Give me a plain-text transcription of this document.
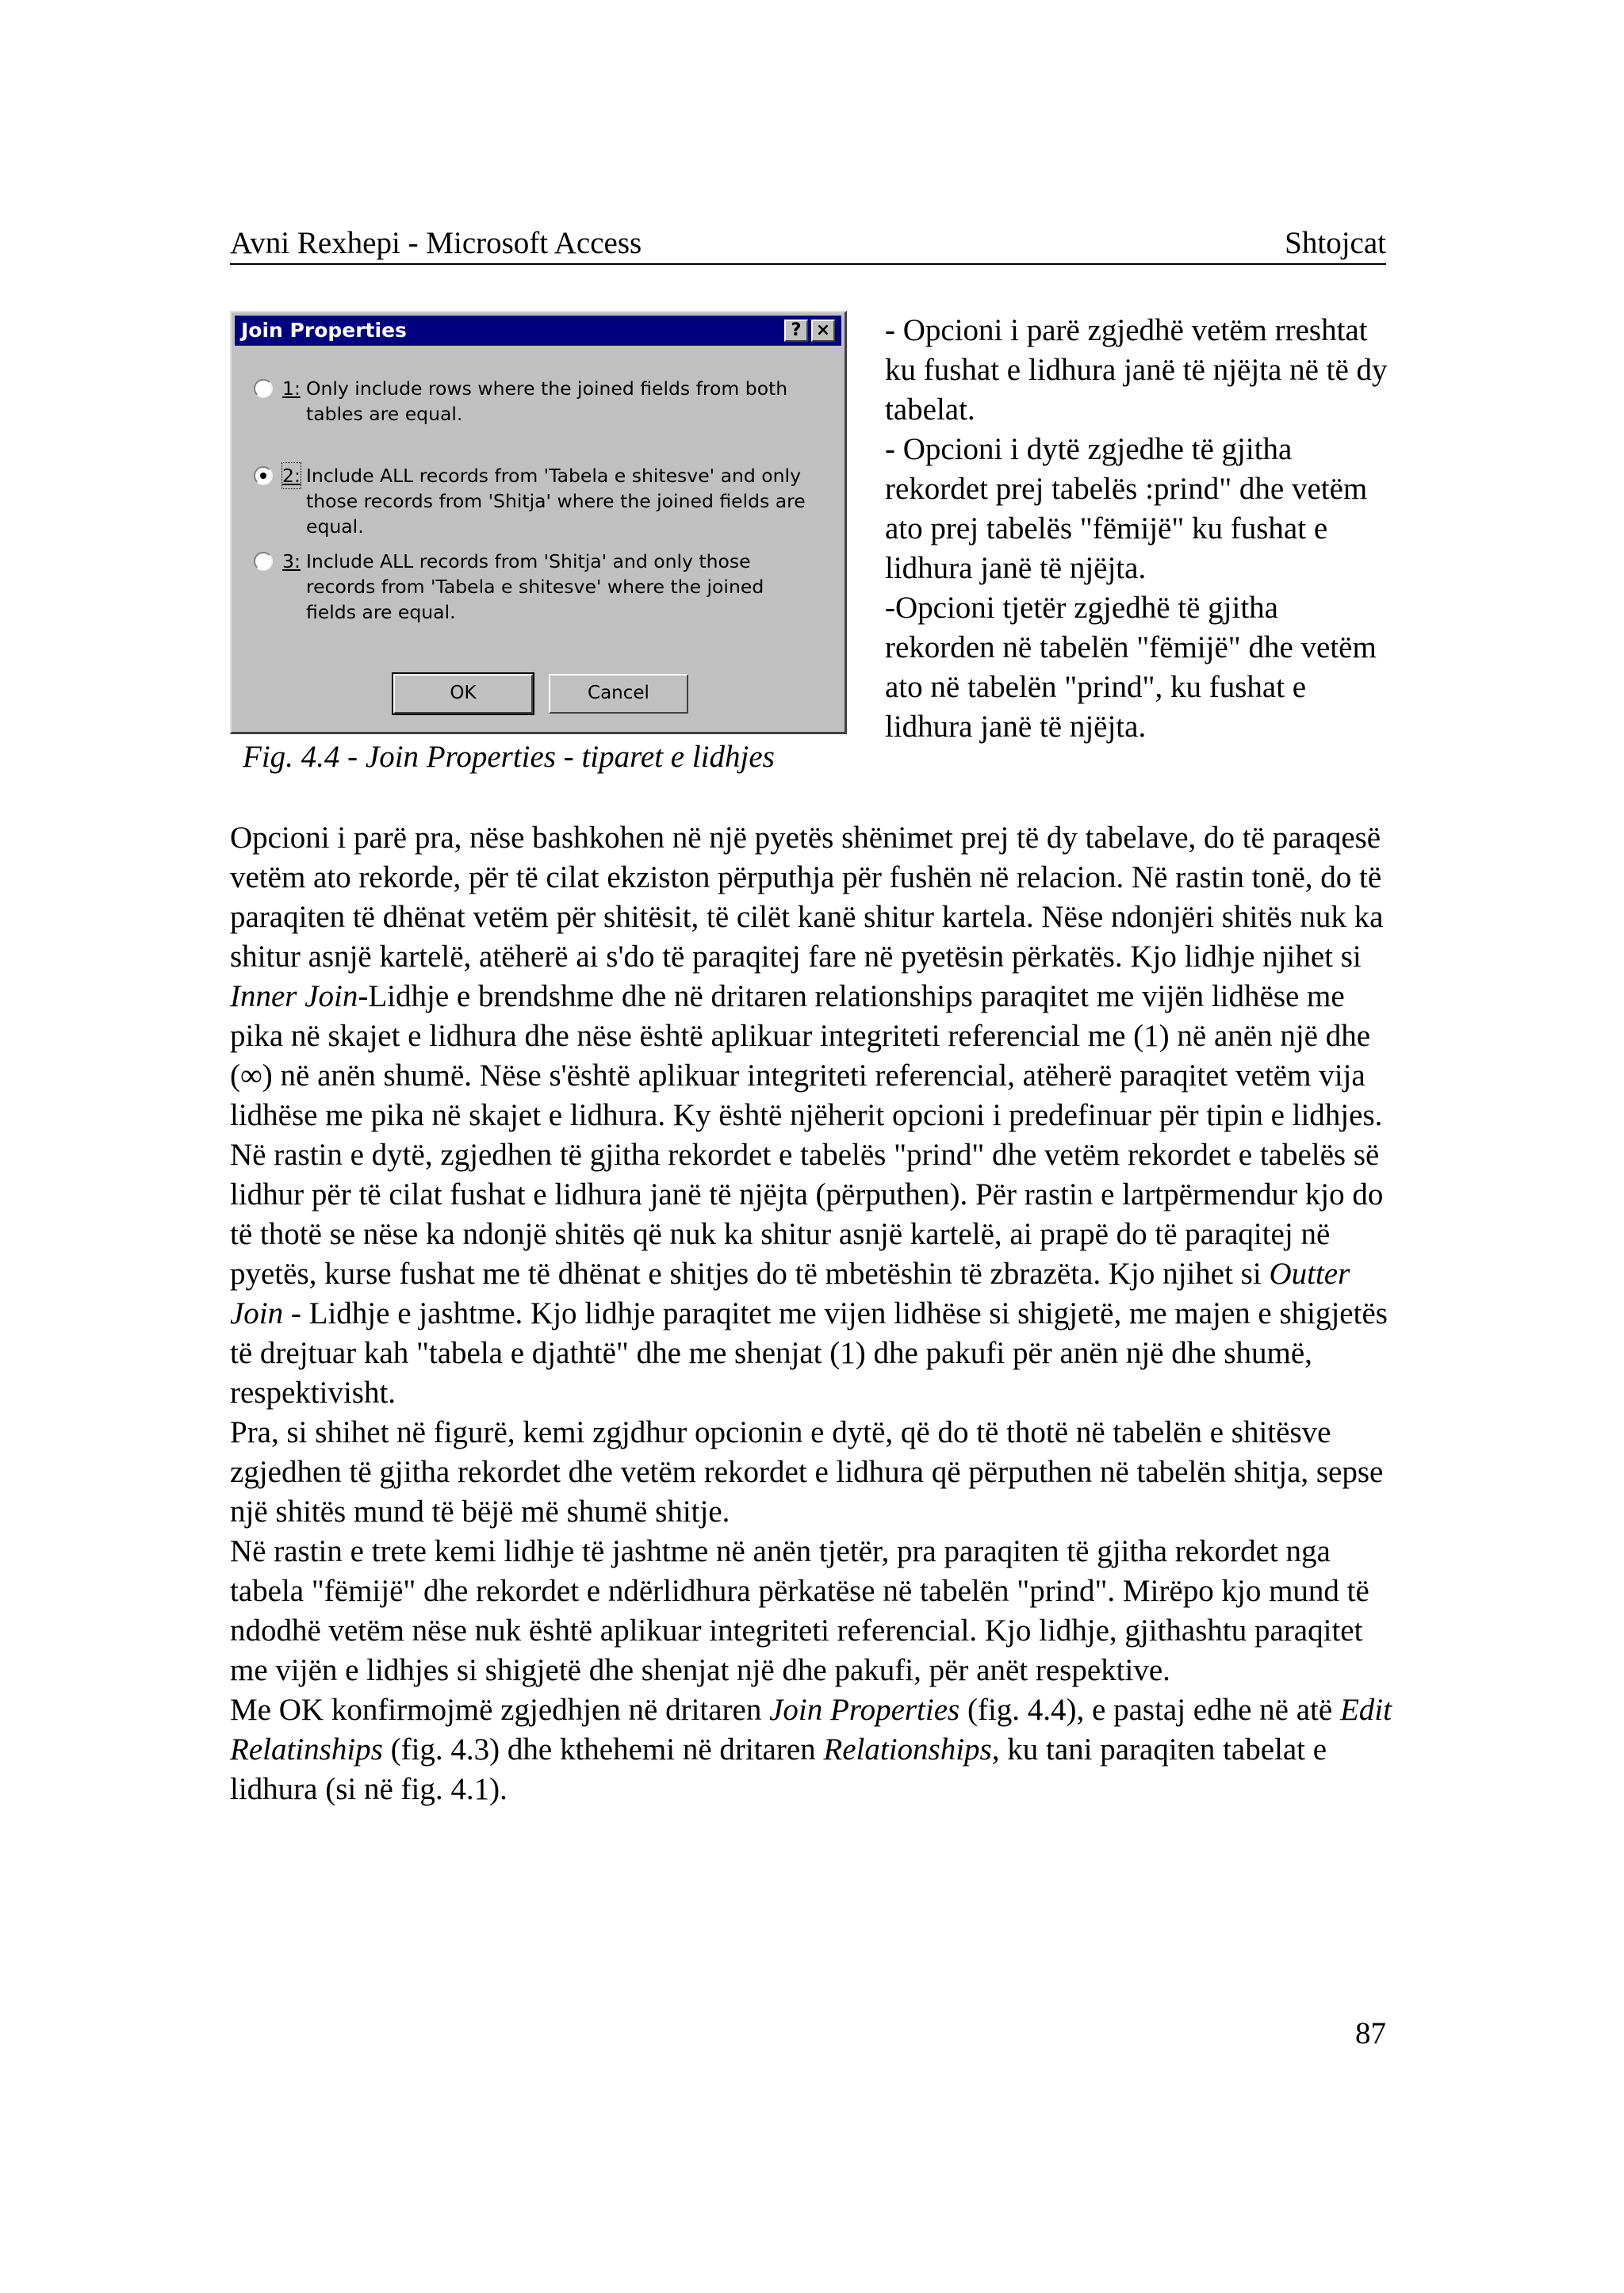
Avni Rexhepi - Microsoft Access	Shtojcat
Join Properties	? ×
1: Only include rows where the joined fields from both tables are equal.
2: Include ALL records from 'Tabela e shitesve' and only those records from 'Shitja' where the joined fields are equal.
3: Include ALL records from 'Shitja' and only those records from 'Tabela e shitesve' where the joined fields are equal.
OK	Cancel
Fig. 4.4 - Join Properties - tiparet e lidhjes

- Opcioni i parë zgjedhë vetëm rreshtat ku fushat e lidhura janë të njëjta në të dy tabelat.

- Opcioni i dytë zgjedhe të gjitha rekordet prej tabelës :prind" dhe vetëm ato prej tabelës "fëmijë" ku fushat e lidhura janë të njëjta.

-Opcioni tjetër zgjedhë të gjitha rekorden në tabelën "fëmijë" dhe vetëm ato në tabelën "prind", ku fushat e lidhura janë të njëjta.

Opcioni i parë pra, nëse bashkohen në një pyetës shënimet prej të dy tabelave, do të paraqesë vetëm ato rekorde, për të cilat ekziston përputhja për fushën në relacion. Në rastin tonë, do të paraqiten të dhënat vetëm për shitësit, të cilët kanë shitur kartela. Nëse ndonjëri shitës nuk ka shitur asnjë kartelë, atëherë ai s'do të paraqitej fare në pyetësin përkatës. Kjo lidhje njihet si Inner Join-Lidhje e brendshme dhe në dritaren relationships paraqitet me vijën lidhëse me pika në skajet e lidhura dhe nëse është aplikuar integriteti referencial me (1) në anën një dhe (∞) në anën shumë. Nëse s'është aplikuar integriteti referencial, atëherë paraqitet vetëm vija lidhëse me pika në skajet e lidhura. Ky është njëherit opcioni i predefinuar për tipin e lidhjes.

Në rastin e dytë, zgjedhen të gjitha rekordet e tabelës "prind" dhe vetëm rekordet e tabelës së lidhur për të cilat fushat e lidhura janë të njëjta (përputhen). Për rastin e lartpërmendur kjo do të thotë se nëse ka ndonjë shitës që nuk ka shitur asnjë kartelë, ai prapë do të paraqitej në pyetës, kurse fushat me të dhënat e shitjes do të mbetëshin të zbrazëta. Kjo njihet si Outter Join - Lidhje e jashtme. Kjo lidhje paraqitet me vijen lidhëse si shigjetë, me majen e shigjetës të drejtuar kah "tabela e djathtë" dhe me shenjat (1) dhe pakufi për anën një dhe shumë, respektivisht.

Pra, si shihet në figurë, kemi zgjdhur opcionin e dytë, që do të thotë në tabelën e shitësve zgjedhen të gjitha rekordet dhe vetëm rekordet e lidhura që përputhen në tabelën shitja, sepse një shitës mund të bëjë më shumë shitje.

Në rastin e trete kemi lidhje të jashtme në anën tjetër, pra paraqiten të gjitha rekordet nga tabela "fëmijë" dhe rekordet e ndërlidhura përkatëse në tabelën "prind". Mirëpo kjo mund të ndodhë vetëm nëse nuk është aplikuar integriteti referencial. Kjo lidhje, gjithashtu paraqitet me vijën e lidhjes si shigjetë dhe shenjat një dhe pakufi, për anët respektive.

Me OK konfirmojmë zgjedhjen në dritaren Join Properties (fig. 4.4), e pastaj edhe në atë Edit Relatinships (fig. 4.3) dhe kthehemi në dritaren Relationships, ku tani paraqiten tabelat e lidhura (si në fig. 4.1).

87
